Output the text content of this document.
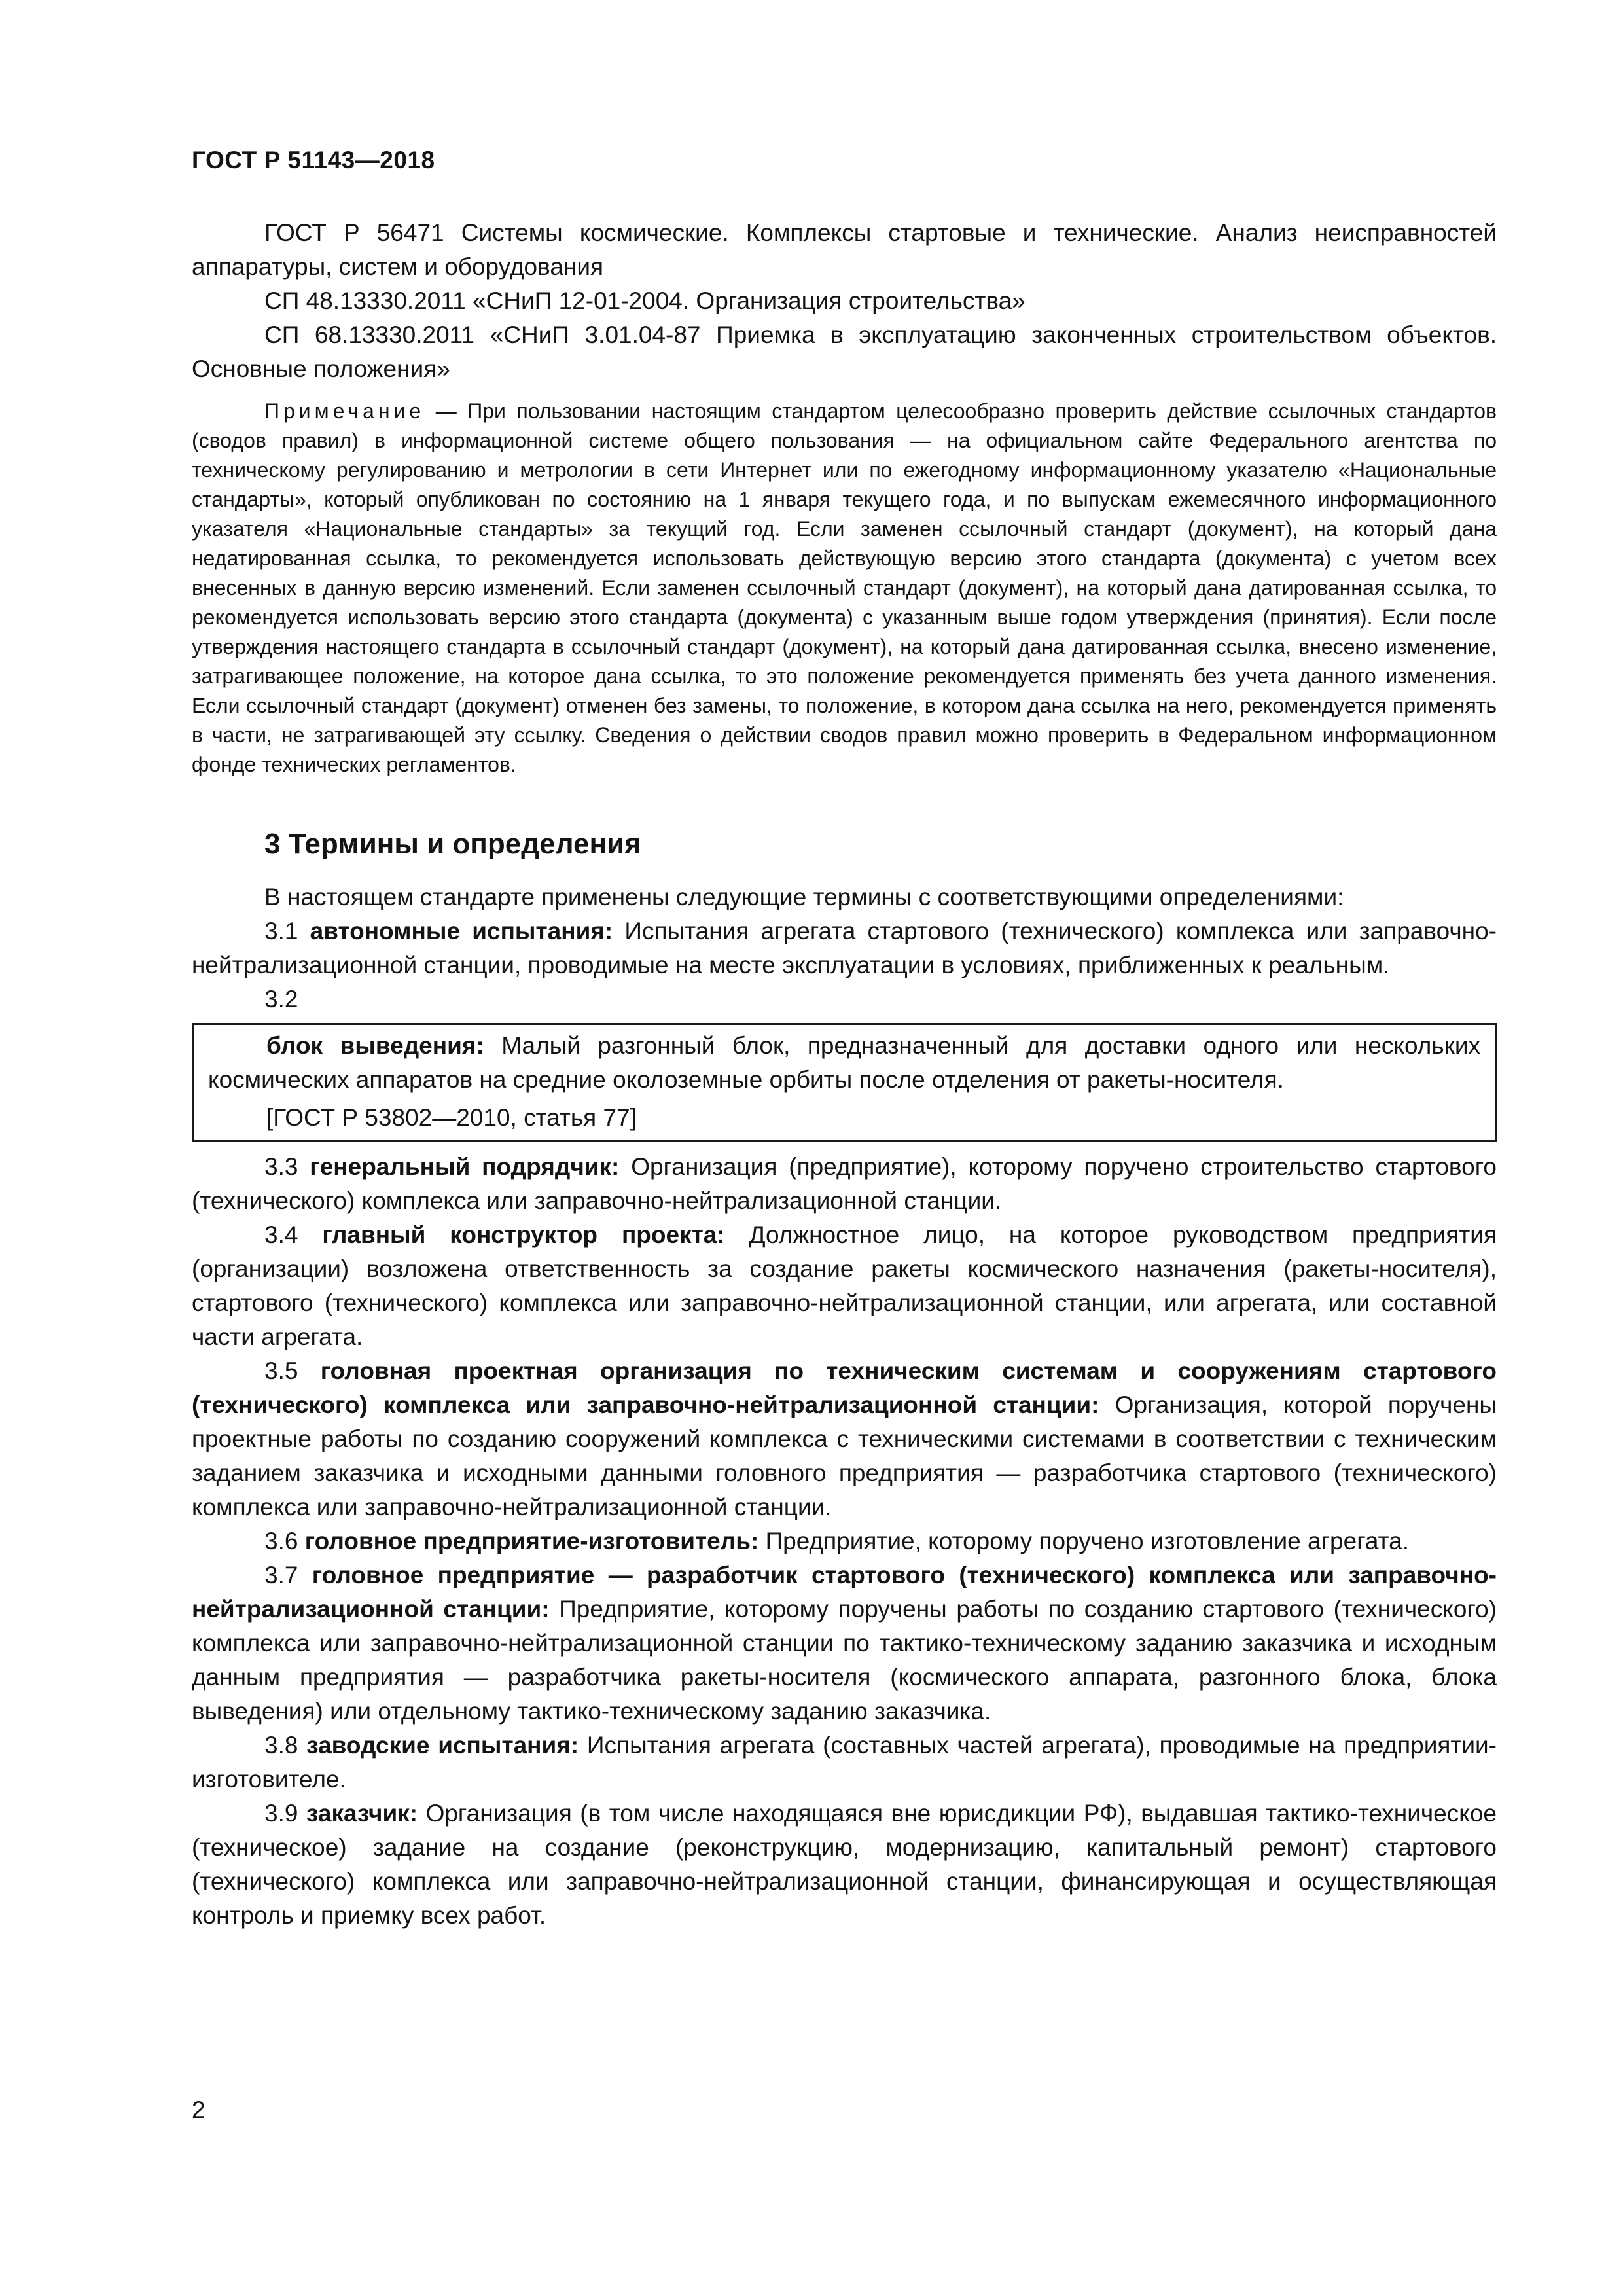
ГОСТ Р 51143—2018

ГОСТ Р 56471 Системы космические. Комплексы стартовые и технические. Анализ неисправностей аппаратуры, систем и оборудования

СП 48.13330.2011 «СНиП 12-01-2004. Организация строительства»

СП 68.13330.2011 «СНиП 3.01.04-87 Приемка в эксплуатацию законченных строительством объектов. Основные положения»

Примечание — При пользовании настоящим стандартом целесообразно проверить действие ссылочных стандартов (сводов правил) в информационной системе общего пользования — на официальном сайте Федерального агентства по техническому регулированию и метрологии в сети Интернет или по ежегодному информационному указателю «Национальные стандарты», который опубликован по состоянию на 1 января текущего года, и по выпускам ежемесячного информационного указателя «Национальные стандарты» за текущий год. Если заменен ссылочный стандарт (документ), на который дана недатированная ссылка, то рекомендуется использовать действующую версию этого стандарта (документа) с учетом всех внесенных в данную версию изменений. Если заменен ссылочный стандарт (документ), на который дана датированная ссылка, то рекомендуется использовать версию этого стандарта (документа) с указанным выше годом утверждения (принятия). Если после утверждения настоящего стандарта в ссылочный стандарт (документ), на который дана датированная ссылка, внесено изменение, затрагивающее положение, на которое дана ссылка, то это положение рекомендуется применять без учета данного изменения. Если ссылочный стандарт (документ) отменен без замены, то положение, в котором дана ссылка на него, рекомендуется применять в части, не затрагивающей эту ссылку. Сведения о действии сводов правил можно проверить в Федеральном информационном фонде технических регламентов.

3 Термины и определения

В настоящем стандарте применены следующие термины с соответствующими определениями:

3.1 автономные испытания: Испытания агрегата стартового (технического) комплекса или заправочно-нейтрализационной станции, проводимые на месте эксплуатации в условиях, приближенных к реальным.

3.2

блок выведения: Малый разгонный блок, предназначенный для доставки одного или нескольких космических аппаратов на средние околоземные орбиты после отделения от ракеты-носителя.

[ГОСТ Р 53802—2010, статья 77]

3.3 генеральный подрядчик: Организация (предприятие), которому поручено строительство стартового (технического) комплекса или заправочно-нейтрализационной станции.

3.4 главный конструктор проекта: Должностное лицо, на которое руководством предприятия (организации) возложена ответственность за создание ракеты космического назначения (ракеты-носителя), стартового (технического) комплекса или заправочно-нейтрализационной станции, или агрегата, или составной части агрегата.

3.5 головная проектная организация по техническим системам и сооружениям стартового (технического) комплекса или заправочно-нейтрализационной станции: Организация, которой поручены проектные работы по созданию сооружений комплекса с техническими системами в соответствии с техническим заданием заказчика и исходными данными головного предприятия — разработчика стартового (технического) комплекса или заправочно-нейтрализационной станции.

3.6 головное предприятие-изготовитель: Предприятие, которому поручено изготовление агрегата.

3.7 головное предприятие — разработчик стартового (технического) комплекса или заправочно-нейтрализационной станции: Предприятие, которому поручены работы по созданию стартового (технического) комплекса или заправочно-нейтрализационной станции по тактико-техническому заданию заказчика и исходным данным предприятия — разработчика ракеты-носителя (космического аппарата, разгонного блока, блока выведения) или отдельному тактико-техническому заданию заказчика.

3.8 заводские испытания: Испытания агрегата (составных частей агрегата), проводимые на предприятии-изготовителе.

3.9 заказчик: Организация (в том числе находящаяся вне юрисдикции РФ), выдавшая тактико-техническое (техническое) задание на создание (реконструкцию, модернизацию, капитальный ремонт) стартового (технического) комплекса или заправочно-нейтрализационной станции, финансирующая и осуществляющая контроль и приемку всех работ.

2
